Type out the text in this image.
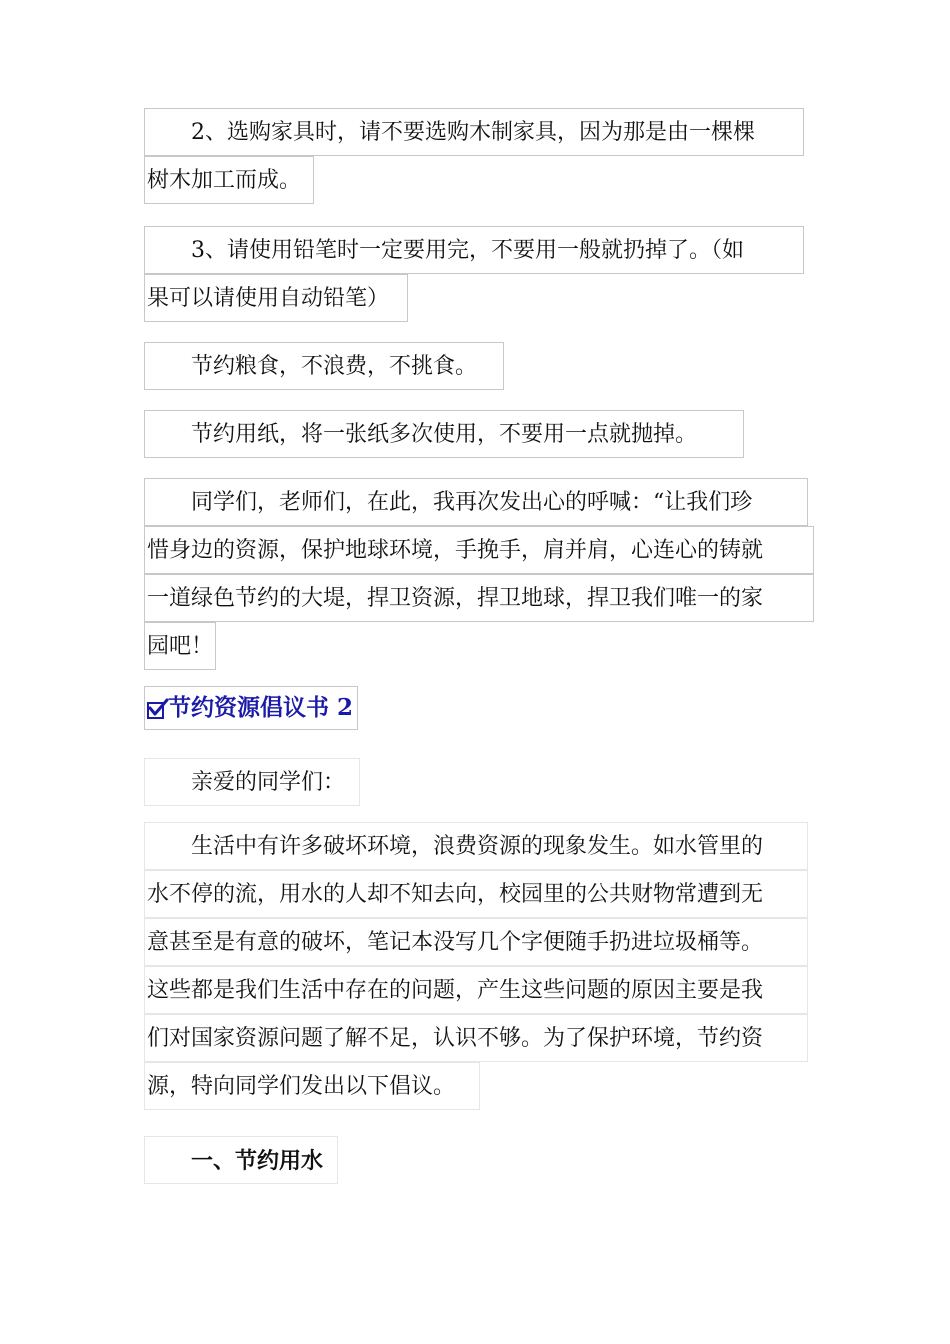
2、选购家具时，请不要选购木制家具，因为那是由一棵棵
树木加工而成。
3、请使用铅笔时一定要用完，不要用一般就扔掉了。（如
果可以请使用自动铅笔）
节约粮食，不浪费，不挑食。
节约用纸，将一张纸多次使用，不要用一点就抛掉。
同学们，老师们，在此，我再次发出心的呼喊：“让我们珍
惜身边的资源，保护地球环境，手挽手，肩并肩，心连心的铸就
一道绿色节约的大堤，捍卫资源，捍卫地球，捍卫我们唯一的家
园吧！
节约资源倡议书 2
亲爱的同学们：
生活中有许多破坏环境，浪费资源的现象发生。如水管里的
水不停的流，用水的人却不知去向，校园里的公共财物常遭到无
意甚至是有意的破坏，笔记本没写几个字便随手扔进垃圾桶等。
这些都是我们生活中存在的问题，产生这些问题的原因主要是我
们对国家资源问题了解不足，认识不够。为了保护环境，节约资
源，特向同学们发出以下倡议。
一、节约用水
